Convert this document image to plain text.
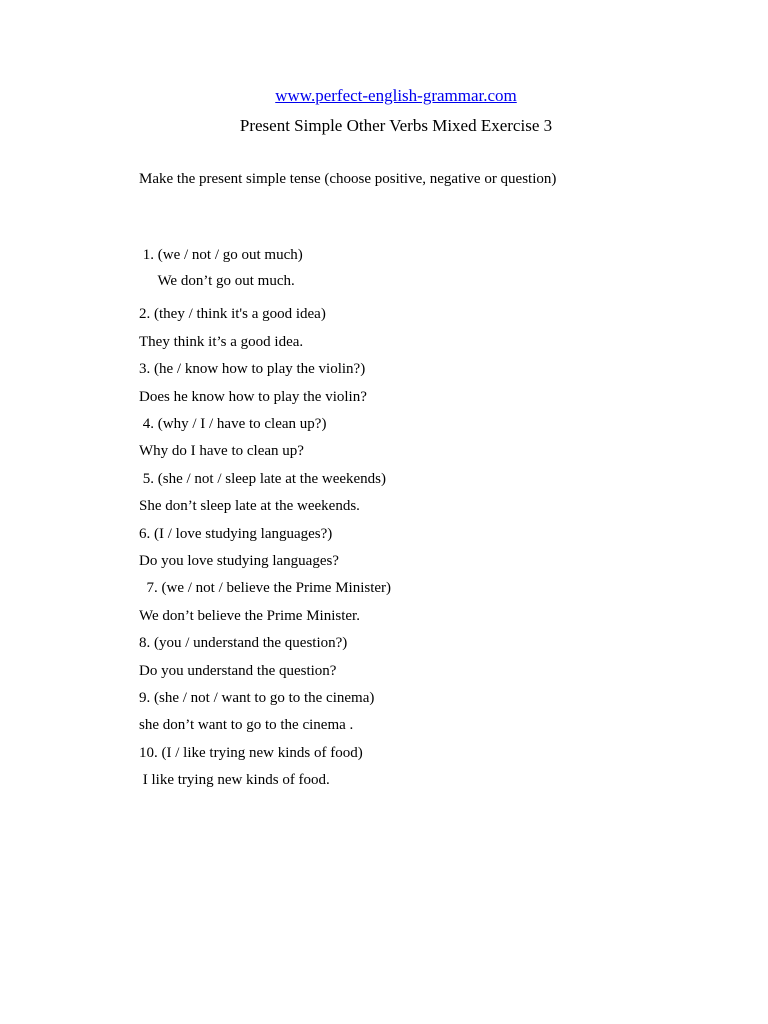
www.perfect-english-grammar.com
Present Simple Other Verbs Mixed Exercise 3

Make the present simple tense (choose positive, negative or question)

1. (we / not / go out much)
We don’t go out much.
2. (they / think it's a good idea)
They think it’s a good idea.
3. (he / know how to play the violin?)
Does he know how to play the violin?
4. (why / I / have to clean up?)
Why do I have to clean up?
5. (she / not / sleep late at the weekends)
She don’t sleep late at the weekends.
6. (I / love studying languages?)
Do you love studying languages?
7. (we / not / believe the Prime Minister)
We don’t believe the Prime Minister.
8. (you / understand the question?)
Do you understand the question?
9. (she / not / want to go to the cinema)
she don’t want to go to the cinema .
10. (I / like trying new kinds of food)
I like trying new kinds of food.
